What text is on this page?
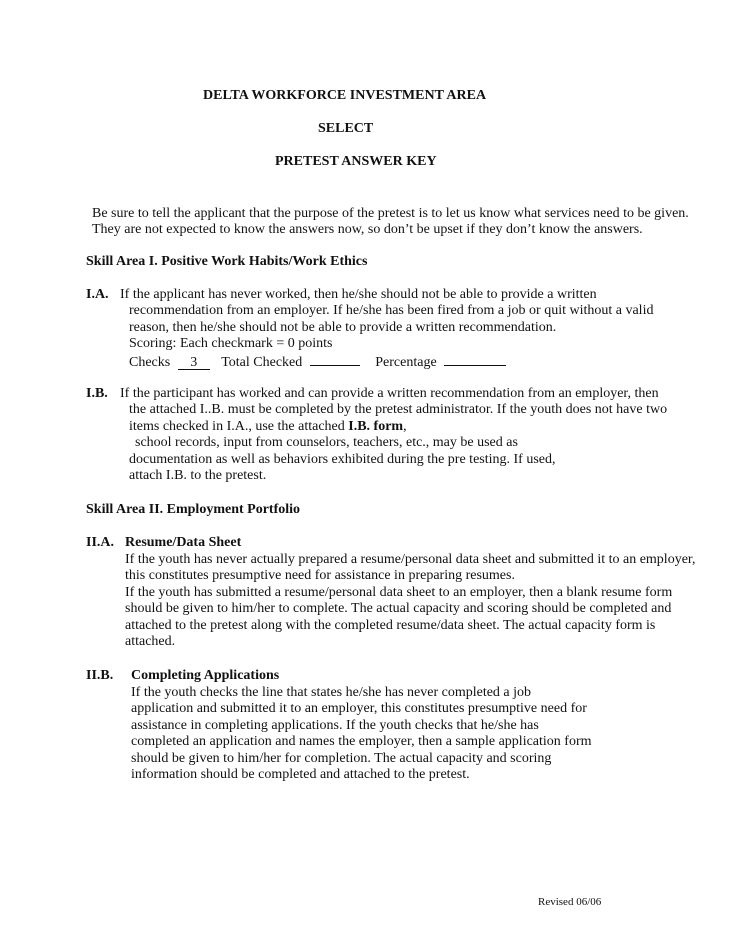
DELTA WORKFORCE INVESTMENT AREA
SELECT
PRETEST ANSWER KEY
Be sure to tell the applicant that the purpose of the pretest is to let us know what services need to be given.
They are not expected to know the answers now, so don’t be upset if they don’t know the answers.
Skill Area I. Positive Work Habits/Work Ethics
I.A. If the applicant has never worked, then he/she should not be able to provide a written
recommendation from an employer. If he/she has been fired from a job or quit without a valid
reason, then he/she should not be able to provide a written recommendation.
Scoring: Each checkmark = 0 points
Checks 3 Total Checked	Percentage
I.B. If the participant has worked and can provide a written recommendation from an employer, then
the attached I..B. must be completed by the pretest administrator. If the youth does not have two
items checked in I.A., use the attached I.B. form,
school records, input from counselors, teachers, etc., may be used as
documentation as well as behaviors exhibited during the pre testing. If used,
attach I.B. to the pretest.
Skill Area II. Employment Portfolio
II.A. Resume/Data Sheet
If the youth has never actually prepared a resume/personal data sheet and submitted it to an employer,
this constitutes presumptive need for assistance in preparing resumes.
If the youth has submitted a resume/personal data sheet to an employer, then a blank resume form
should be given to him/her to complete. The actual capacity and scoring should be completed and
attached to the pretest along with the completed resume/data sheet. The actual capacity form is
attached.
II.B. Completing Applications
If the youth checks the line that states he/she has never completed a job
application and submitted it to an employer, this constitutes presumptive need for
assistance in completing applications. If the youth checks that he/she has
completed an application and names the employer, then a sample application form
should be given to him/her for completion. The actual capacity and scoring
information should be completed and attached to the pretest.
Revised 06/06
